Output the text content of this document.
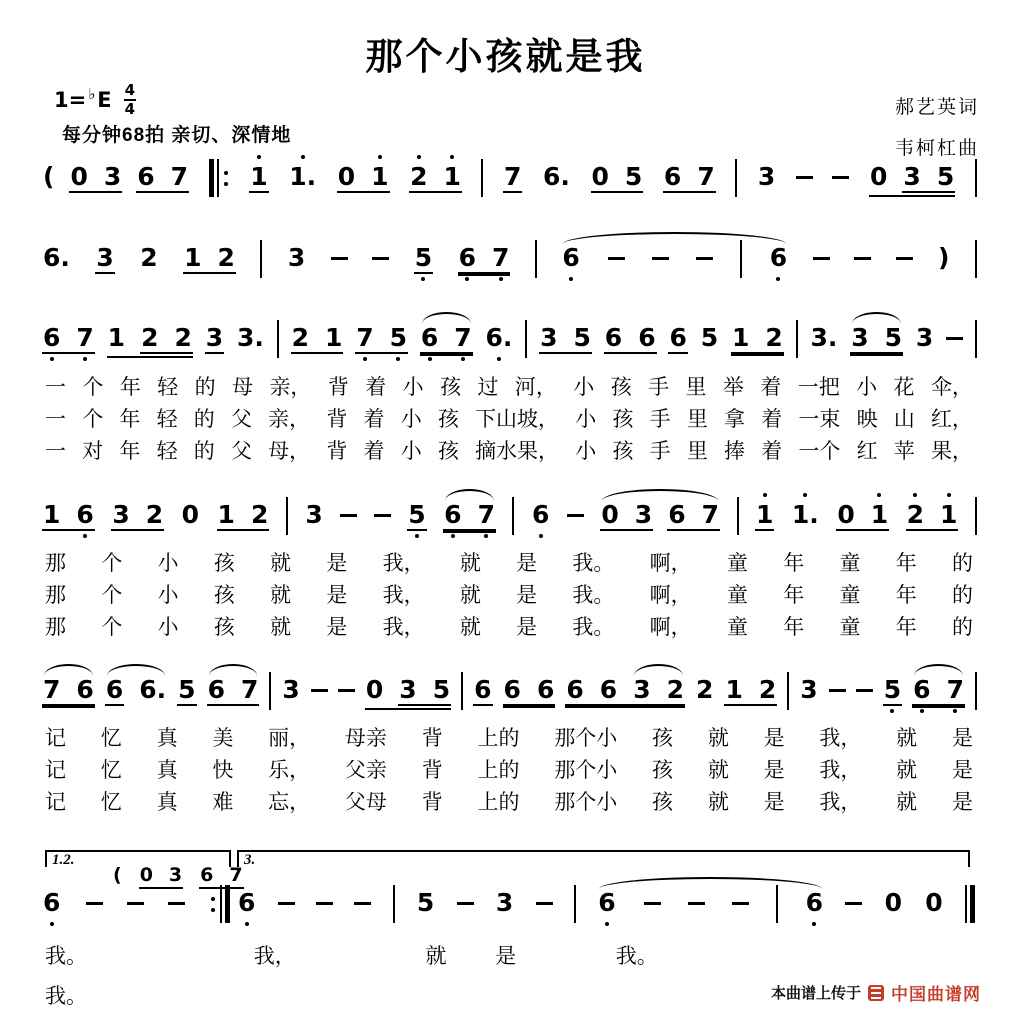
那个小孩就是我
1= ♭ E $\frac{4}{4}$
每分钟68拍 亲切、深情地
郝艺英词
韦柯杠曲
1.2.	3.
本曲谱上传于 中国曲谱网
( 0 3 6 7 1 1. 0 1 2 1 7 6. 0 5 6 7 3	0 3 5
6. 3 2 1 2 3	5 6 7 6	6	)
6 7 1 2 2 3 3. 2 1 7 5 6 7 6. 3 5 6 6 6 5 1 2 3. 3 5 3
1 6 3 2 0 1 2 3	5 6 7 6 0 3 6 7 1 1. 0 1 2 1
7 6 6 6. 5 6 7 3	0 3 5 6 6 6 6 6 3 2 2 1 2 3	5 6 7
6	6	5 3	6	6 0 0
( 0 3 6 7
一 个 年 轻 的 母 亲， 背 着 小 孩 过 河， 小 孩 手 里 举 着 一把 小 花 伞，
一 个 年 轻 的 父 亲， 背 着 小 孩 下山坡， 小 孩 手 里 拿 着 一束 映 山 红，
一 对 年 轻 的 父 母， 背 着 小 孩 摘水果， 小 孩 手 里 捧 着 一个 红 苹 果，
那 个 小 孩 就 是 我， 就 是 我。 啊， 童 年 童 年 的
那 个 小 孩 就 是 我， 就 是 我。 啊， 童 年 童 年 的
那 个 小 孩 就 是 我， 就 是 我。 啊， 童 年 童 年 的
记 忆 真 美 丽， 母亲 背 上的 那个小 孩 就 是 我， 就 是
记 忆 真 快 乐， 父亲 背 上的 那个小 孩 就 是 我， 就 是
记 忆 真 难 忘， 父母 背 上的 那个小 孩 就 是 我， 就 是
我。	我，	就 是	我。
我。
